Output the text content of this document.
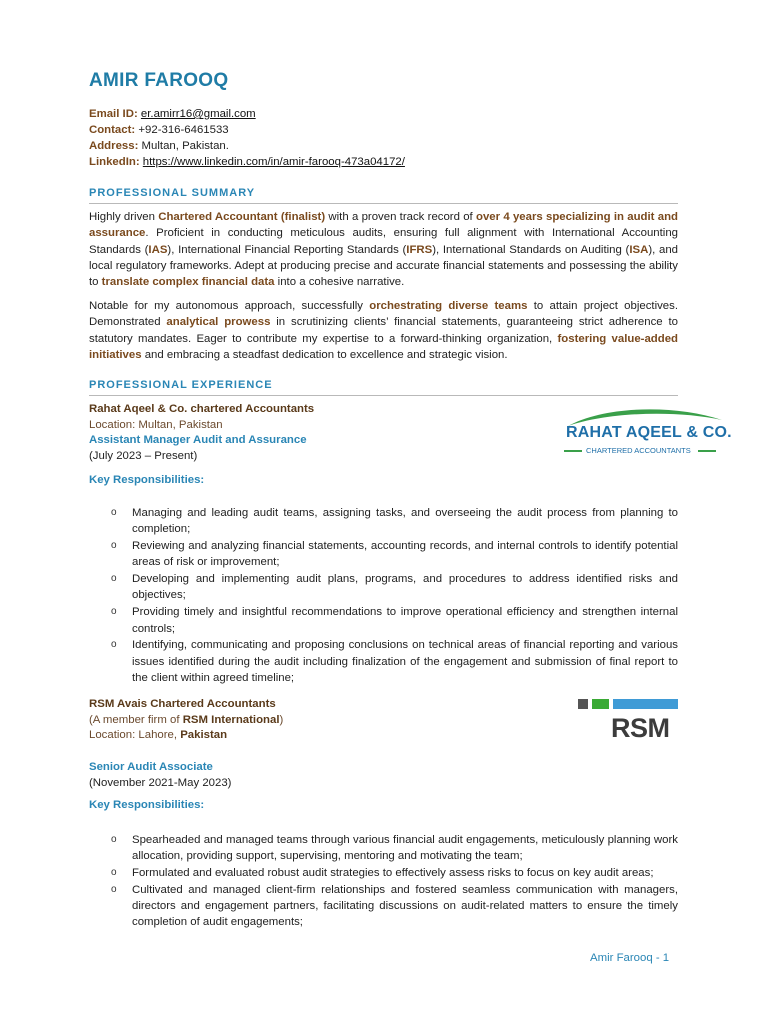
AMIR FAROOQ
Email ID: er.amirr16@gmail.com
Contact: +92-316-6461533
Address: Multan, Pakistan.
LinkedIn: https://www.linkedin.com/in/amir-farooq-473a04172/
PROFESSIONAL SUMMARY
Highly driven Chartered Accountant (finalist) with a proven track record of over 4 years specializing in audit and assurance. Proficient in conducting meticulous audits, ensuring full alignment with International Accounting Standards (IAS), International Financial Reporting Standards (IFRS), International Standards on Auditing (ISA), and local regulatory frameworks. Adept at producing precise and accurate financial statements and possessing the ability to translate complex financial data into a cohesive narrative.
Notable for my autonomous approach, successfully orchestrating diverse teams to attain project objectives. Demonstrated analytical prowess in scrutinizing clients’ financial statements, guaranteeing strict adherence to statutory mandates. Eager to contribute my expertise to a forward-thinking organization, fostering value-added initiatives and embracing a steadfast dedication to excellence and strategic vision.
PROFESSIONAL EXPERIENCE
Rahat Aqeel & Co. chartered Accountants
Location: Multan, Pakistan
Assistant Manager Audit and Assurance
(July 2023 – Present)
RAHAT AQEEL & CO.
CHARTERED ACCOUNTANTS
Key Responsibilities:
o Managing and leading audit teams, assigning tasks, and overseeing the audit process from planning to completion;
o Reviewing and analyzing financial statements, accounting records, and internal controls to identify potential areas of risk or improvement;
o Developing and implementing audit plans, programs, and procedures to address identified risks and objectives;
o Providing timely and insightful recommendations to improve operational efficiency and strengthen internal controls;
o Identifying, communicating and proposing conclusions on technical areas of financial reporting and various issues identified during the audit including finalization of the engagement and submission of final report to the client within agreed timeline;
RSM Avais Chartered Accountants
(A member firm of RSM International)
Location: Lahore, Pakistan	RSM
Senior Audit Associate
(November 2021-May 2023)
Key Responsibilities:
o Spearheaded and managed teams through various financial audit engagements, meticulously planning work allocation, providing support, supervising, mentoring and motivating the team;
o Formulated and evaluated robust audit strategies to effectively assess risks to focus on key audit areas;
o Cultivated and managed client-firm relationships and fostered seamless communication with managers, directors and engagement partners, facilitating discussions on audit-related matters to ensure the timely completion of audit engagements;
Amir Farooq - 1
